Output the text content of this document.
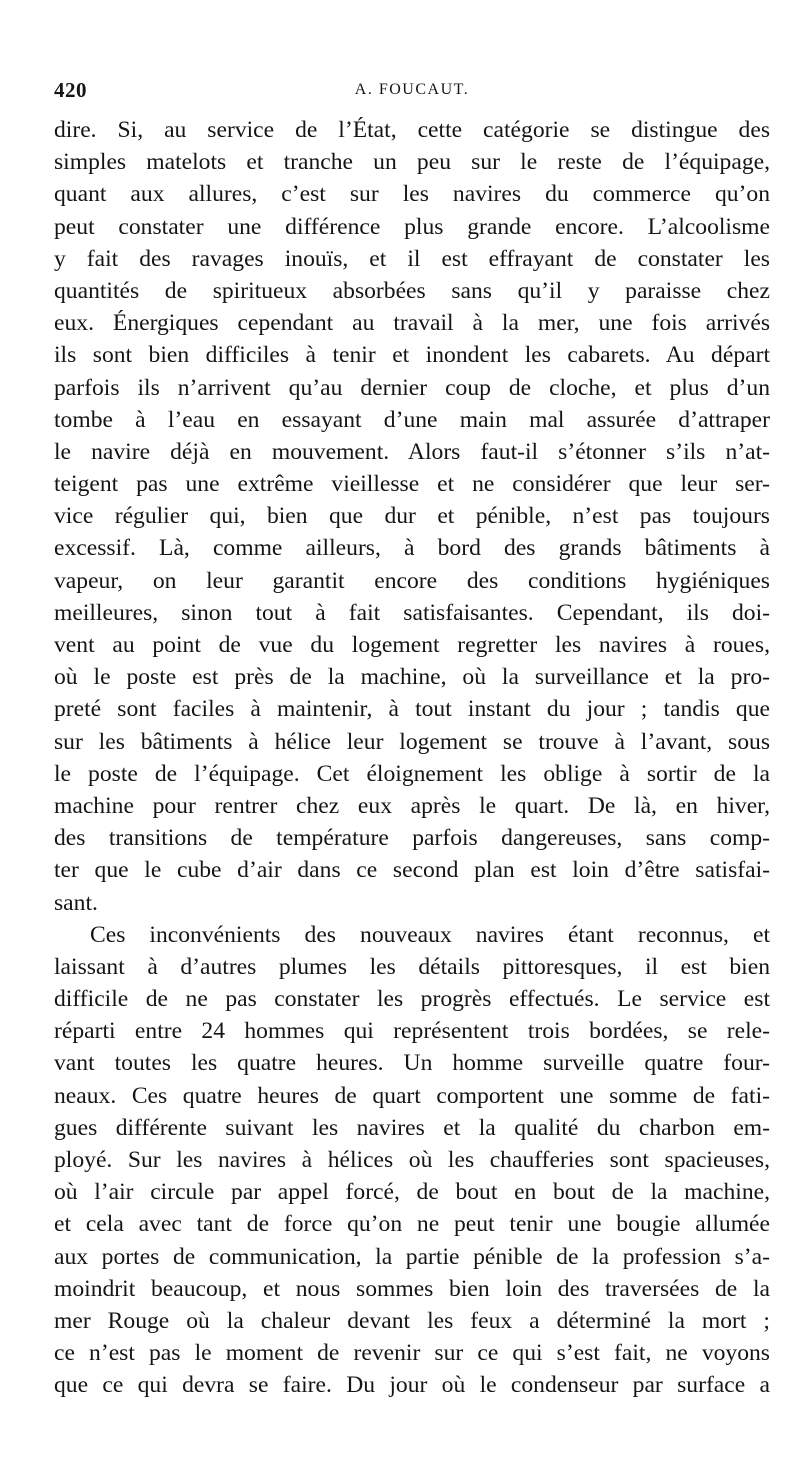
420	A. FOUCAUT.
dire. Si, au service de l’État, cette catégorie se distingue des
simples matelots et tranche un peu sur le reste de l’équipage,
quant aux allures, c’est sur les navires du commerce qu’on
peut constater une différence plus grande encore. L’alcoolisme
y fait des ravages inouïs, et il est effrayant de constater les
quantités de spiritueux absorbées sans qu’il y paraisse chez
eux. Énergiques cependant au travail à la mer, une fois arrivés
ils sont bien difficiles à tenir et inondent les cabarets. Au départ
parfois ils n’arrivent qu’au dernier coup de cloche, et plus d’un
tombe à l’eau en essayant d’une main mal assurée d’attraper
le navire déjà en mouvement. Alors faut-il s’étonner s’ils n’at-
teigent pas une extrême vieillesse et ne considérer que leur ser-
vice régulier qui, bien que dur et pénible, n’est pas toujours
excessif. Là, comme ailleurs, à bord des grands bâtiments à
vapeur, on leur garantit encore des conditions hygiéniques
meilleures, sinon tout à fait satisfaisantes. Cependant, ils doi-
vent au point de vue du logement regretter les navires à roues,
où le poste est près de la machine, où la surveillance et la pro-
preté sont faciles à maintenir, à tout instant du jour ; tandis que
sur les bâtiments à hélice leur logement se trouve à l’avant, sous
le poste de l’équipage. Cet éloignement les oblige à sortir de la
machine pour rentrer chez eux après le quart. De là, en hiver,
des transitions de température parfois dangereuses, sans comp-
ter que le cube d’air dans ce second plan est loin d’être satisfai-
sant.
Ces inconvénients des nouveaux navires étant reconnus, et
laissant à d’autres plumes les détails pittoresques, il est bien
difficile de ne pas constater les progrès effectués. Le service est
réparti entre 24 hommes qui représentent trois bordées, se rele-
vant toutes les quatre heures. Un homme surveille quatre four-
neaux. Ces quatre heures de quart comportent une somme de fati-
gues différente suivant les navires et la qualité du charbon em-
ployé. Sur les navires à hélices où les chaufferies sont spacieuses,
où l’air circule par appel forcé, de bout en bout de la machine,
et cela avec tant de force qu’on ne peut tenir une bougie allumée
aux portes de communication, la partie pénible de la profession s’a-
moindrit beaucoup, et nous sommes bien loin des traversées de la
mer Rouge où la chaleur devant les feux a déterminé la mort ;
ce n’est pas le moment de revenir sur ce qui s’est fait, ne voyons
que ce qui devra se faire. Du jour où le condenseur par surface a
